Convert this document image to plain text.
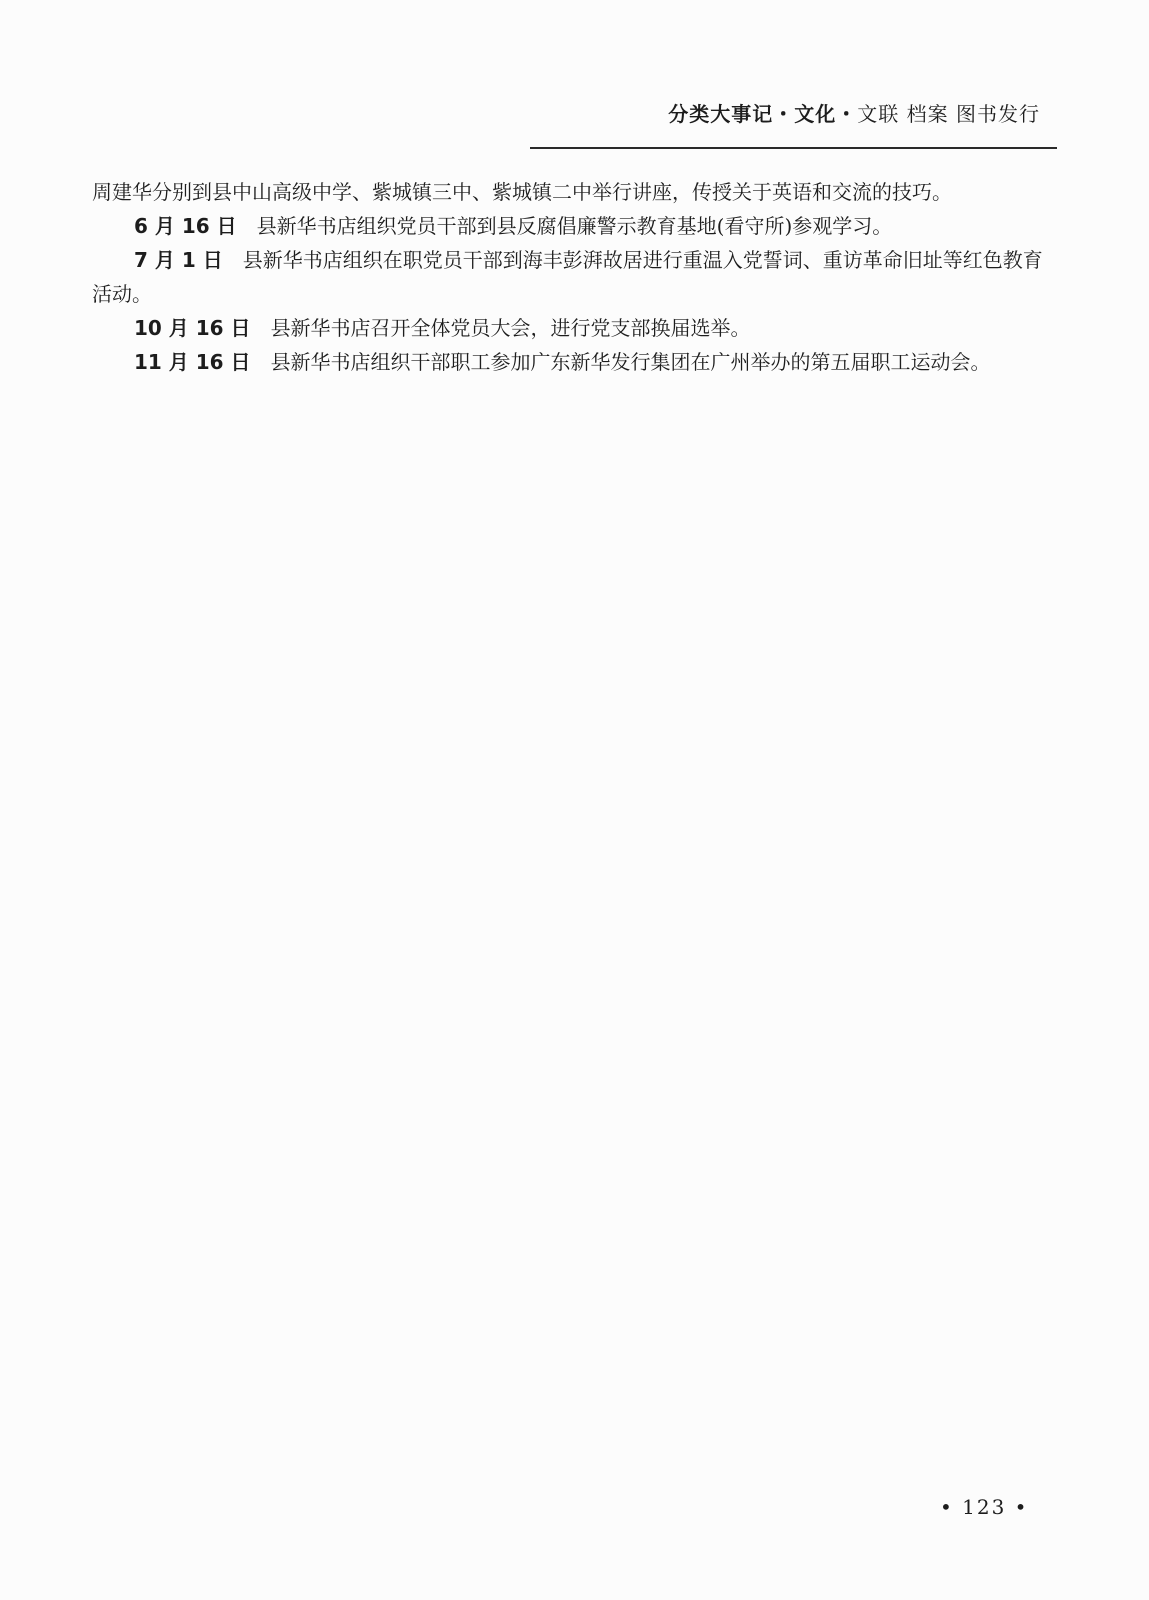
分类大事记・文化・文联 档案 图书发行

周建华分别到县中山高级中学、紫城镇三中、紫城镇二中举行讲座，传授关于英语和交流的技巧。

6 月 16 日 县新华书店组织党员干部到县反腐倡廉警示教育基地(看守所)参观学习。

7 月 1 日 县新华书店组织在职党员干部到海丰彭湃故居进行重温入党誓词、重访革命旧址等红色教育活动。

10 月 16 日 县新华书店召开全体党员大会，进行党支部换届选举。

11 月 16 日 县新华书店组织干部职工参加广东新华发行集团在广州举办的第五届职工运动会。

• 123 •
